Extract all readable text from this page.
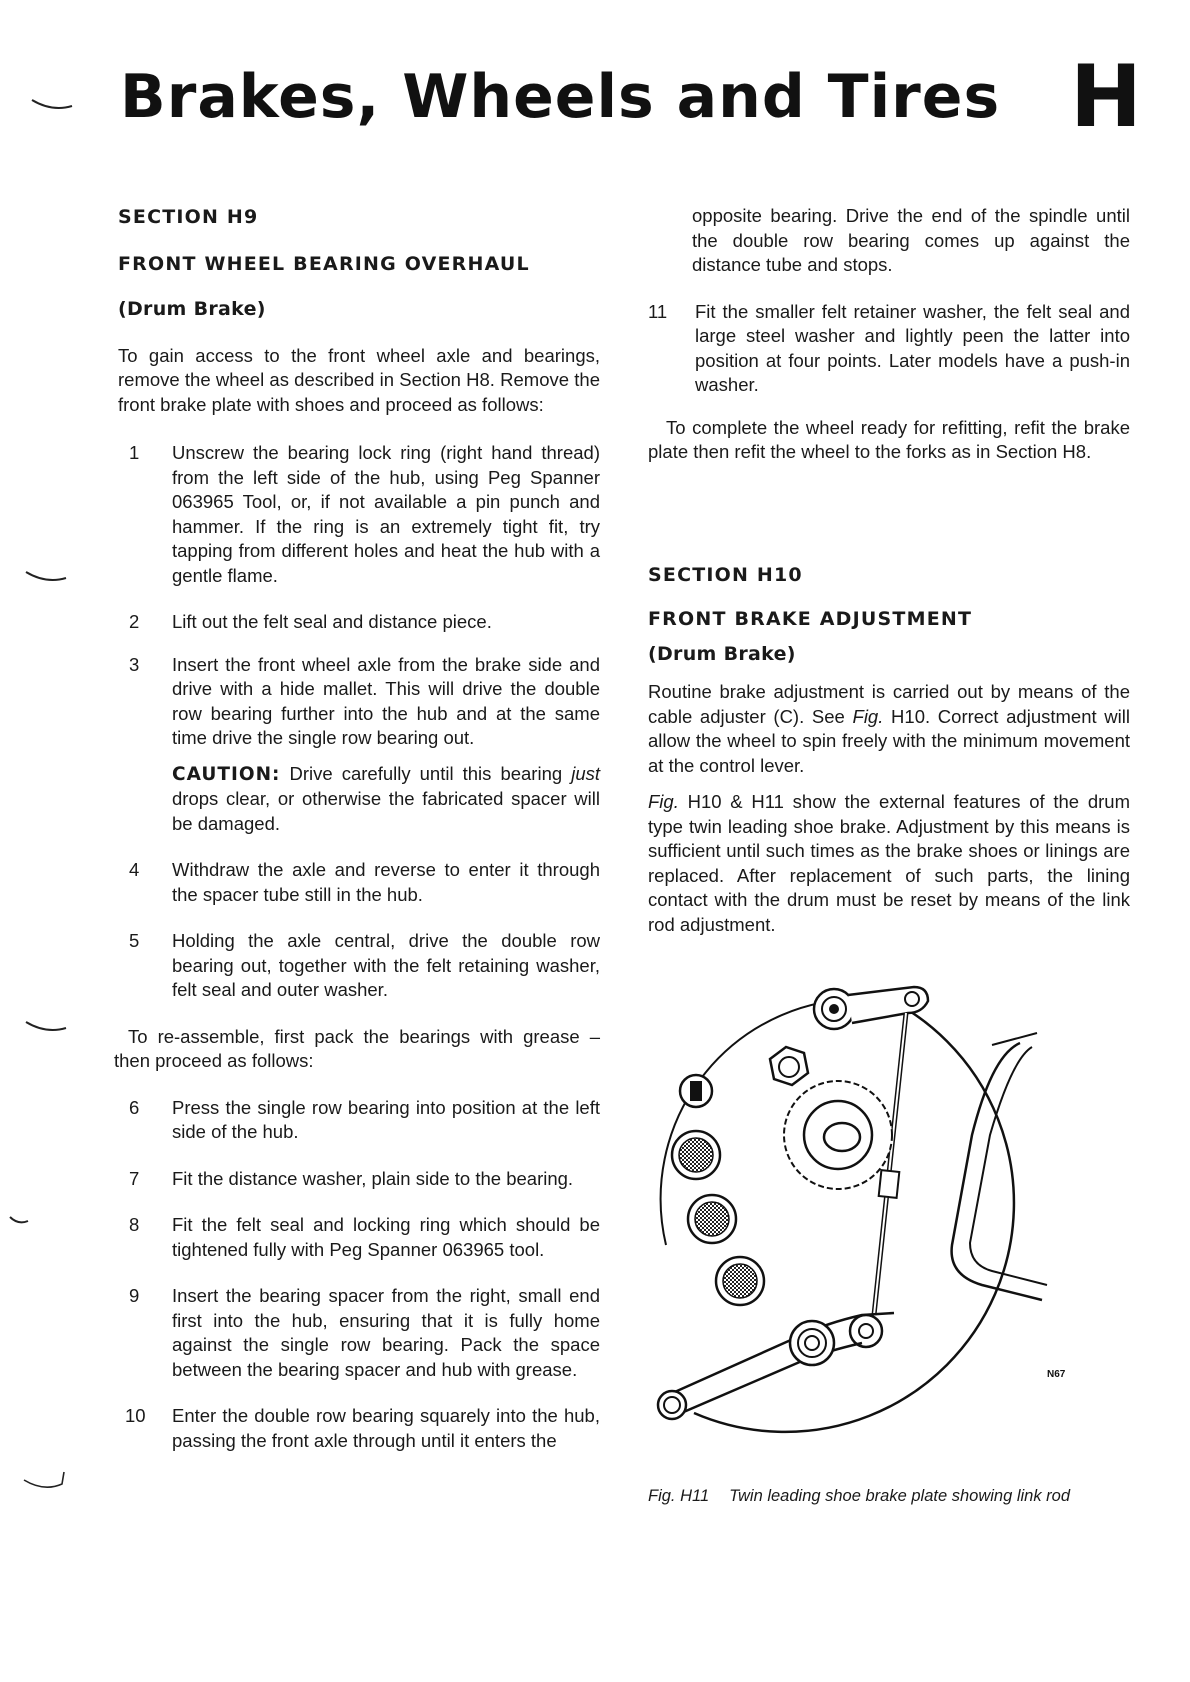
Brakes, Wheels and Tires H

SECTION H9

FRONT WHEEL BEARING OVERHAUL

(Drum Brake)

To gain access to the front wheel axle and bearings, remove the wheel as described in Section H8. Remove the front brake plate with shoes and proceed as follows:

1	Unscrew the bearing lock ring (right hand thread) from the left side of the hub, using Peg Spanner 063965 Tool, or, if not available a pin punch and hammer. If the ring is an extremely tight fit, try tapping from different holes and heat the hub with a gentle flame.
2	Lift out the felt seal and distance piece.
3	Insert the front wheel axle from the brake side and drive with a hide mallet. This will drive the double row bearing further into the hub and at the same time drive the single row bearing out.
CAUTION: Drive carefully until this bearing just drops clear, or otherwise the fabricated spacer will be damaged.
4	Withdraw the axle and reverse to enter it through the spacer tube still in the hub.
5	Holding the axle central, drive the double row bearing out, together with the felt retaining washer, felt seal and outer washer.

To re-assemble, first pack the bearings with grease – then proceed as follows:

6	Press the single row bearing into position at the left side of the hub.
7	Fit the distance washer, plain side to the bearing.
8	Fit the felt seal and locking ring which should be tightened fully with Peg Spanner 063965 tool.
9	Insert the bearing spacer from the right, small end first into the hub, ensuring that it is fully home against the single row bearing. Pack the space between the bearing spacer and hub with grease.
10	Enter the double row bearing squarely into the hub, passing the front axle through until it enters the

opposite bearing. Drive the end of the spindle until the double row bearing comes up against the distance tube and stops.

11	Fit the smaller felt retainer washer, the felt seal and large steel washer and lightly peen the latter into position at four points. Later models have a push-in washer.

To complete the wheel ready for refitting, refit the brake plate then refit the wheel to the forks as in Section H8.

SECTION H10

FRONT BRAKE ADJUSTMENT

(Drum Brake)

Routine brake adjustment is carried out by means of the cable adjuster (C). See Fig. H10. Correct adjustment will allow the wheel to spin freely with the minimum movement at the control lever.

Fig. H10 & H11 show the external features of the drum type twin leading shoe brake. Adjustment by this means is sufficient until such times as the brake shoes or linings are replaced. After replacement of such parts, the lining contact with the drum must be reset by means of the link rod adjustment.

N67
Fig. H11 Twin leading shoe brake plate showing link rod
